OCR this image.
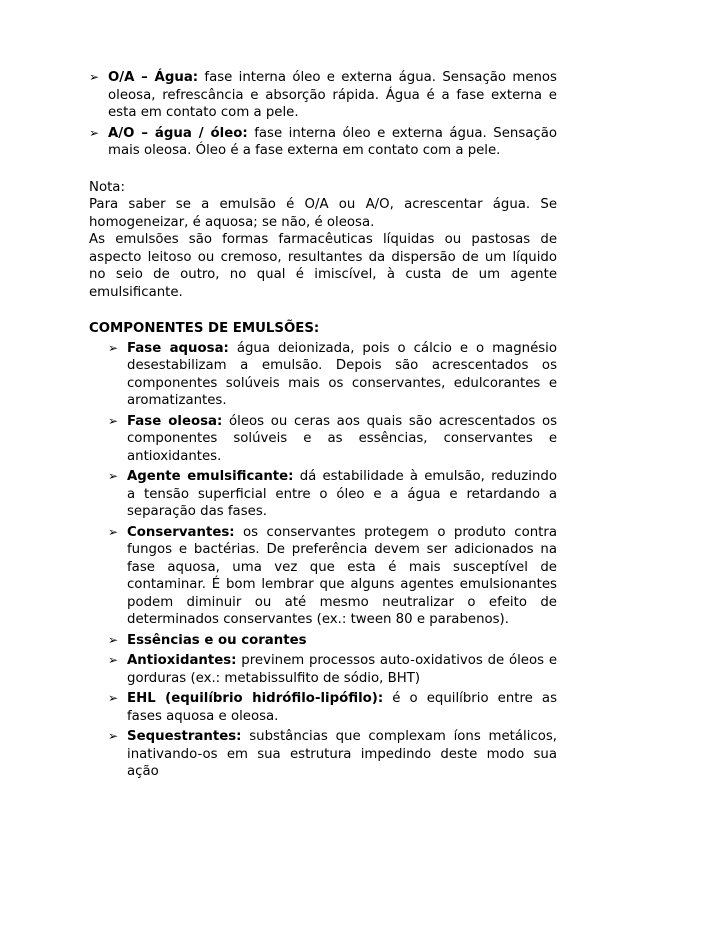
➢ O/A – Água: fase interna óleo e externa água. Sensação menos oleosa, refrescância e absorção rápida. Água é a fase externa e esta em contato com a pele.
➢ A/O – água / óleo: fase interna óleo e externa água. Sensação mais oleosa. Óleo é a fase externa em contato com a pele.

Nota:

Para saber se a emulsão é O/A ou A/O, acrescentar água. Se homogeneizar, é aquosa; se não, é oleosa.

As emulsões são formas farmacêuticas líquidas ou pastosas de aspecto leitoso ou cremoso, resultantes da dispersão de um líquido no seio de outro, no qual é imiscível, à custa de um agente emulsificante.

COMPONENTES DE EMULSÕES:

➢ Fase aquosa: água deionizada, pois o cálcio e o magnésio desestabilizam a emulsão. Depois são acrescentados os componentes solúveis mais os conservantes, edulcorantes e aromatizantes.
➢ Fase oleosa: óleos ou ceras aos quais são acrescentados os componentes solúveis e as essências, conservantes e antioxidantes.
➢ Agente emulsificante: dá estabilidade à emulsão, reduzindo a tensão superficial entre o óleo e a água e retardando a separação das fases.
➢ Conservantes: os conservantes protegem o produto contra fungos e bactérias. De preferência devem ser adicionados na fase aquosa, uma vez que esta é mais susceptível de contaminar. É bom lembrar que alguns agentes emulsionantes podem diminuir ou até mesmo neutralizar o efeito de determinados conservantes (ex.: tween 80 e parabenos).
➢ Essências e ou corantes
➢ Antioxidantes: previnem processos auto-oxidativos de óleos e gorduras (ex.: metabissulfito de sódio, BHT)
➢ EHL (equilíbrio hidrófilo-lipófilo): é o equilíbrio entre as fases aquosa e oleosa.
➢ Sequestrantes: substâncias que complexam íons metálicos, inativando-os em sua estrutura impedindo deste modo sua ação
